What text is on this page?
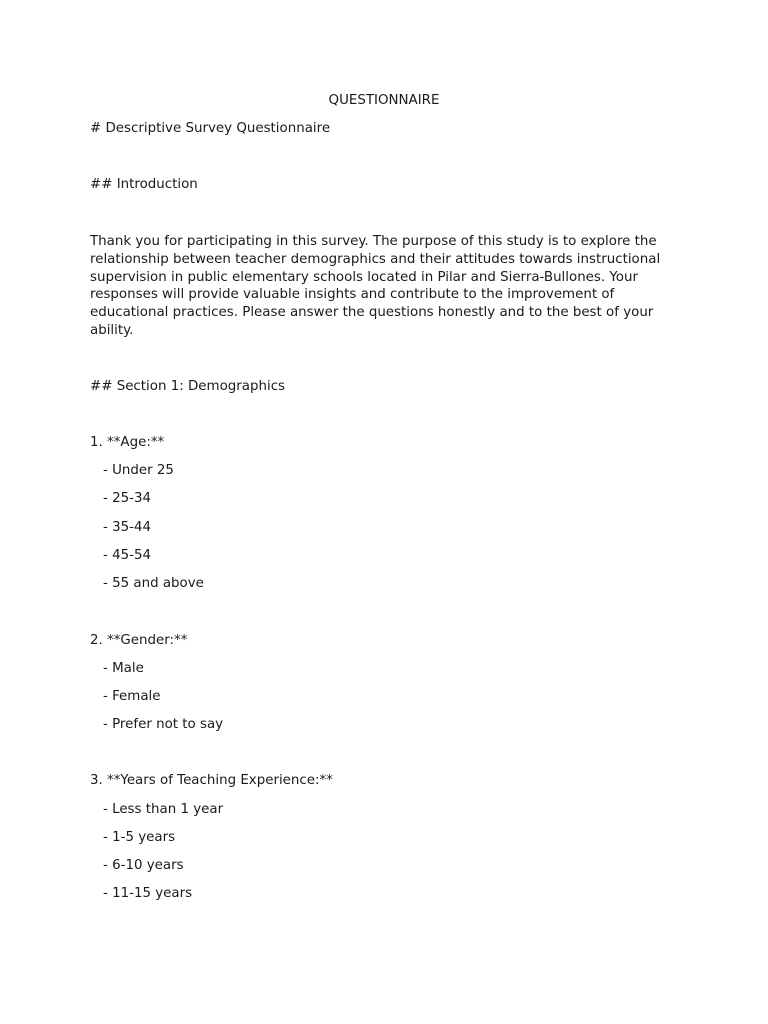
QUESTIONNAIRE
# Descriptive Survey Questionnaire
## Introduction
Thank you for participating in this survey. The purpose of this study is to explore the relationship between teacher demographics and their attitudes towards instructional supervision in public elementary schools located in Pilar and Sierra-Bullones. Your responses will provide valuable insights and contribute to the improvement of educational practices. Please answer the questions honestly and to the best of your ability.
## Section 1: Demographics
1. **Age:**
- Under 25
- 25-34
- 35-44
- 45-54
- 55 and above
2. **Gender:**
- Male
- Female
- Prefer not to say
3. **Years of Teaching Experience:**
- Less than 1 year
- 1-5 years
- 6-10 years
- 11-15 years
